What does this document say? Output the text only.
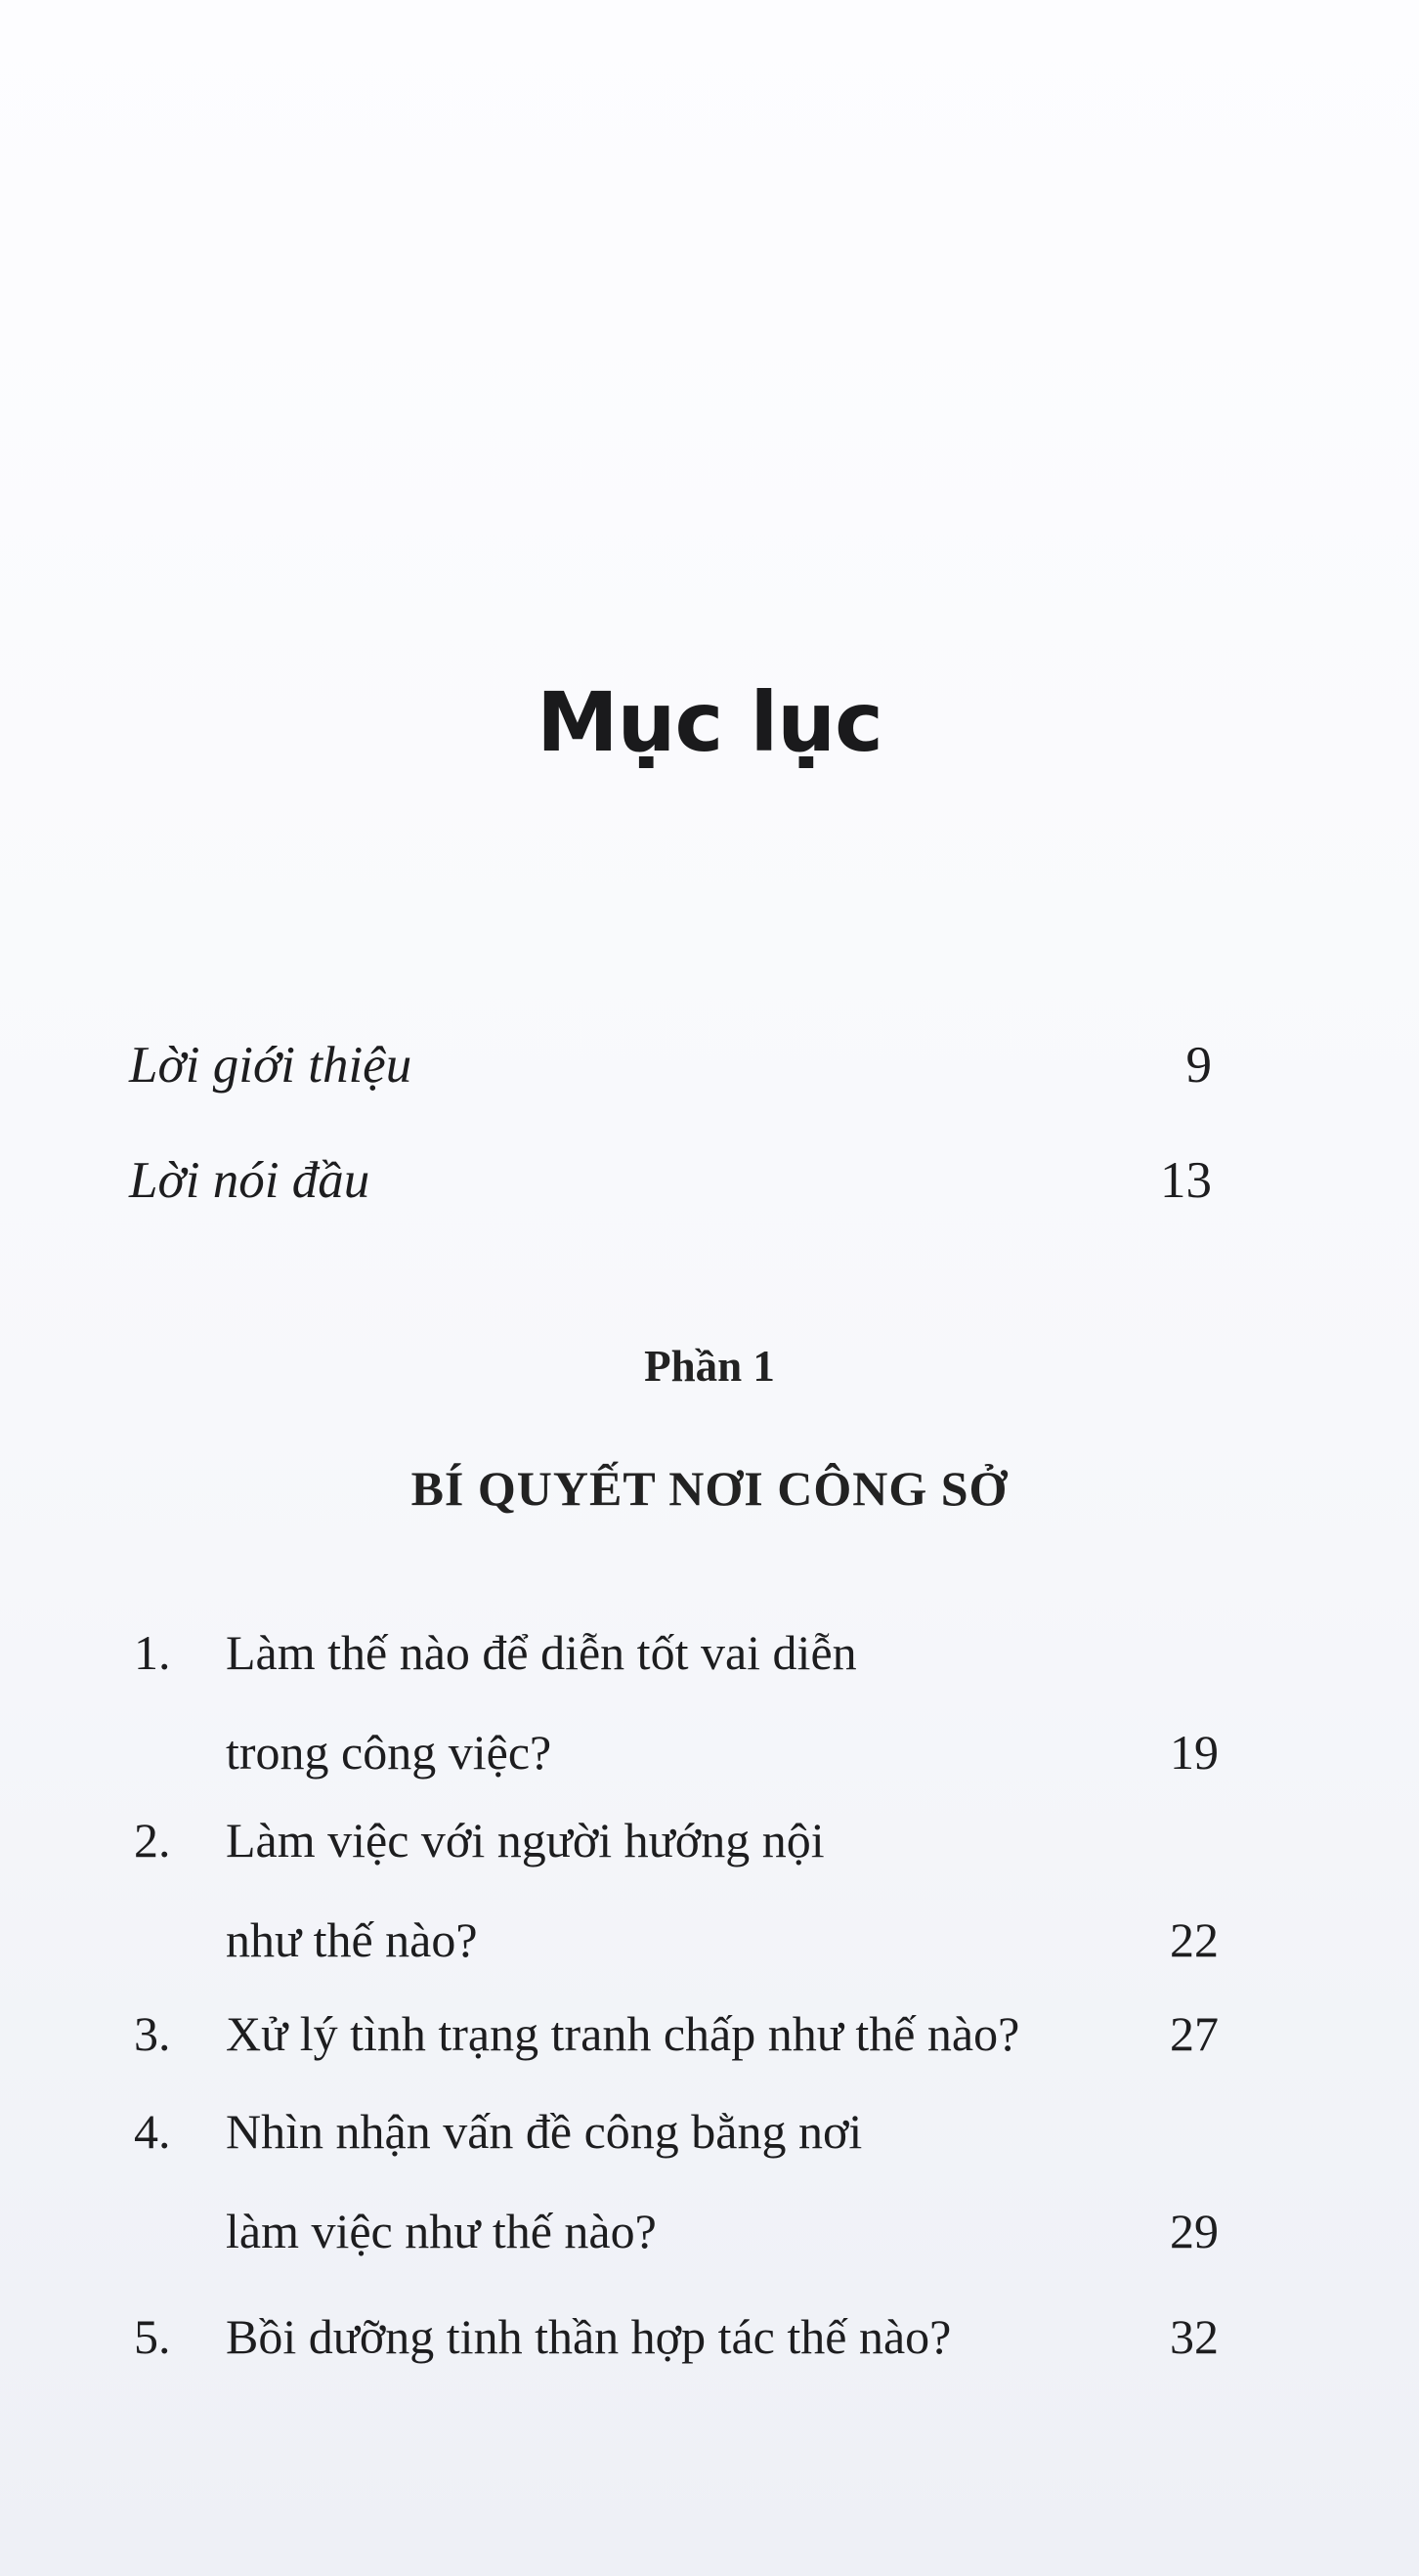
Mục lục
Lời giới thiệu	9
Lời nói đầu	13
Phần 1
BÍ QUYẾT NƠI CÔNG SỞ
1. Làm thế nào để diễn tốt vai diễn
trong công việc?	19
2. Làm việc với người hướng nội
như thế nào?	22
3. Xử lý tình trạng tranh chấp như thế nào?	27
4. Nhìn nhận vấn đề công bằng nơi
làm việc như thế nào?	29
5. Bồi dưỡng tinh thần hợp tác thế nào?	32
